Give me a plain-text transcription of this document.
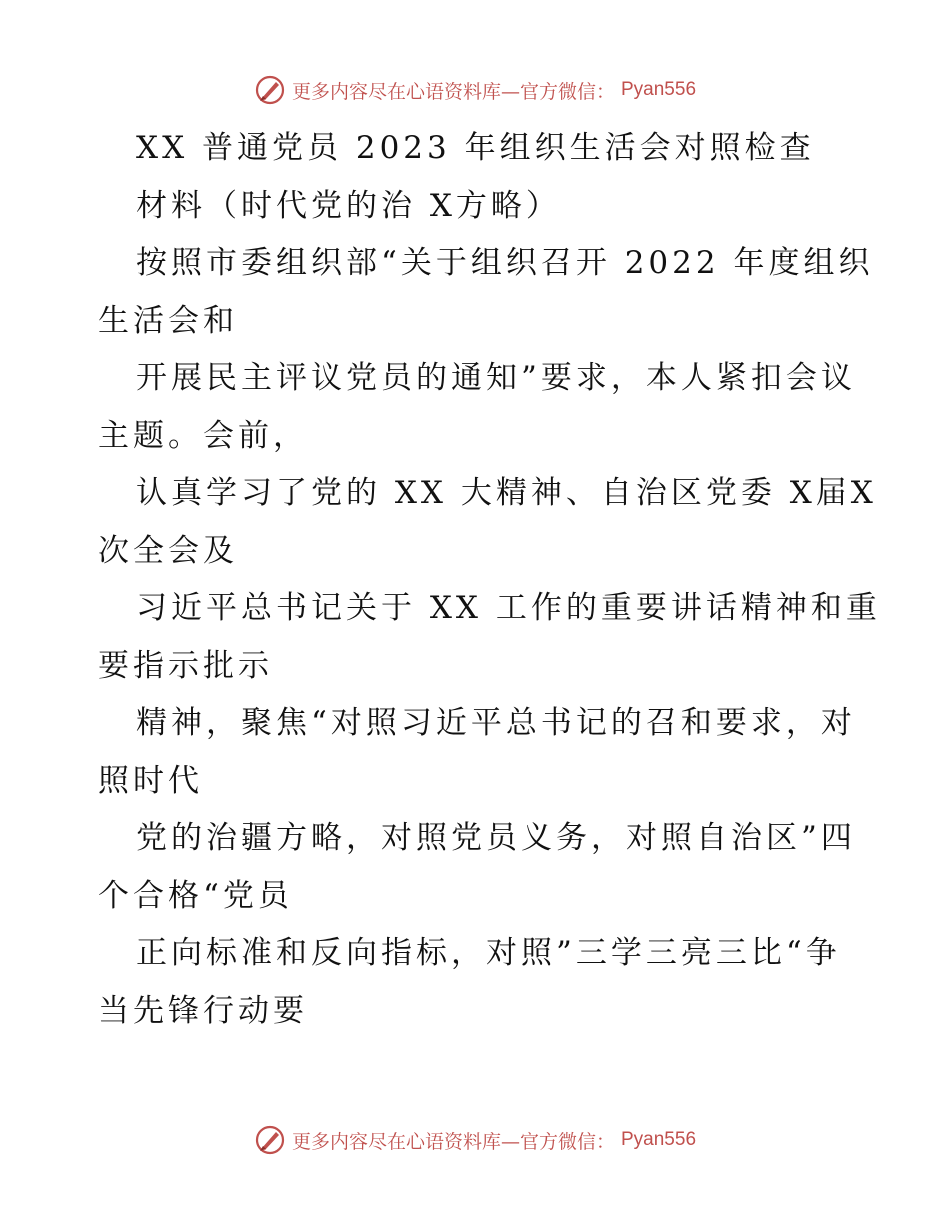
更多内容尽在心语资料库—官方微信： Pyan556
XX 普通党员 2023 年组织生活会对照检查
材料（时代党的治 X方略）
按照市委组织部“关于组织召开 2022 年度组织
生活会和
开展民主评议党员的通知”要求，本人紧扣会议
主题。会前，
认真学习了党的 XX 大精神、自治区党委 X届X
次全会及
习近平总书记关于 XX 工作的重要讲话精神和重
要指示批示
精神，聚焦“对照习近平总书记的召和要求，对
照时代
党的治疆方略，对照党员义务，对照自治区”四
个合格“党员
正向标准和反向指标，对照”三学三亮三比“争
当先锋行动要
更多内容尽在心语资料库—官方微信： Pyan556
